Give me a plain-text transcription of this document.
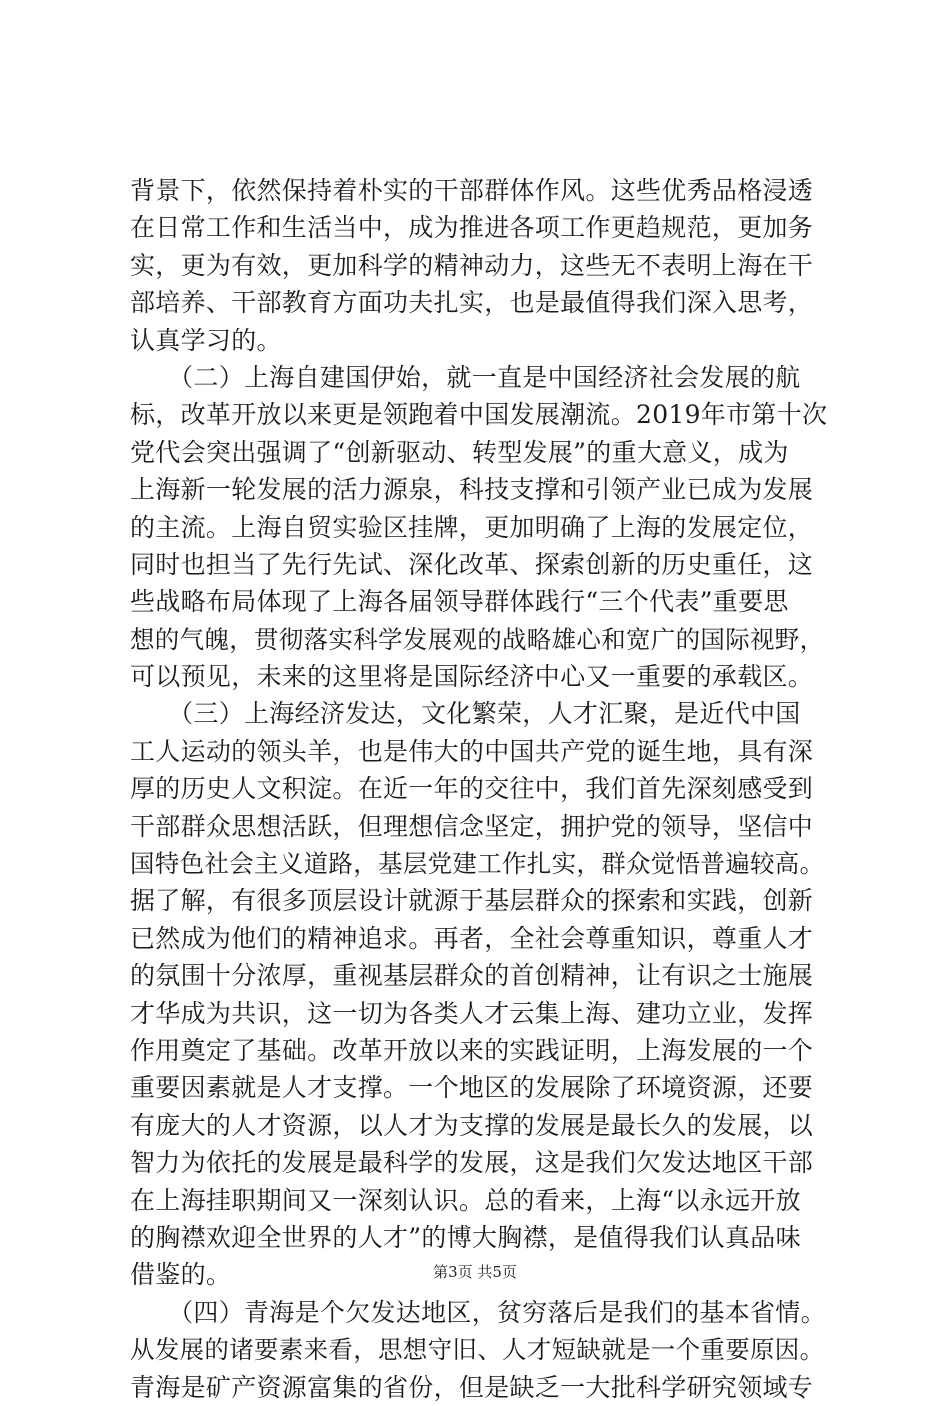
背景下，依然保持着朴实的干部群体作风。这些优秀品格浸透
在日常工作和生活当中，成为推进各项工作更趋规范，更加务
实，更为有效，更加科学的精神动力，这些无不表明上海在干
部培养、干部教育方面功夫扎实，也是最值得我们深入思考，
认真学习的。
　　（二）上海自建国伊始，就一直是中国经济社会发展的航
标，改革开放以来更是领跑着中国发展潮流。2019年市第十次
党代会突出强调了“创新驱动、转型发展”的重大意义，成为
上海新一轮发展的活力源泉，科技支撑和引领产业已成为发展
的主流。上海自贸实验区挂牌，更加明确了上海的发展定位，
同时也担当了先行先试、深化改革、探索创新的历史重任，这
些战略布局体现了上海各届领导群体践行“三个代表”重要思
想的气魄，贯彻落实科学发展观的战略雄心和宽广的国际视野，
可以预见，未来的这里将是国际经济中心又一重要的承载区。
　　（三）上海经济发达，文化繁荣，人才汇聚，是近代中国
工人运动的领头羊，也是伟大的中国共产党的诞生地，具有深
厚的历史人文积淀。在近一年的交往中，我们首先深刻感受到
干部群众思想活跃，但理想信念坚定，拥护党的领导，坚信中
国特色社会主义道路，基层党建工作扎实，群众觉悟普遍较高。
据了解，有很多顶层设计就源于基层群众的探索和实践，创新
已然成为他们的精神追求。再者，全社会尊重知识，尊重人才
的氛围十分浓厚，重视基层群众的首创精神，让有识之士施展
才华成为共识，这一切为各类人才云集上海、建功立业，发挥
作用奠定了基础。改革开放以来的实践证明，上海发展的一个
重要因素就是人才支撑。一个地区的发展除了环境资源，还要
有庞大的人才资源，以人才为支撑的发展是最长久的发展，以
智力为依托的发展是最科学的发展，这是我们欠发达地区干部
在上海挂职期间又一深刻认识。总的看来，上海“以永远开放
的胸襟欢迎全世界的人才”的博大胸襟，是值得我们认真品味
借鉴的。
　　（四）青海是个欠发达地区，贫穷落后是我们的基本省情。
从发展的诸要素来看，思想守旧、人才短缺就是一个重要原因。
青海是矿产资源富集的省份，但是缺乏一大批科学研究领域专
第3页 共5页
